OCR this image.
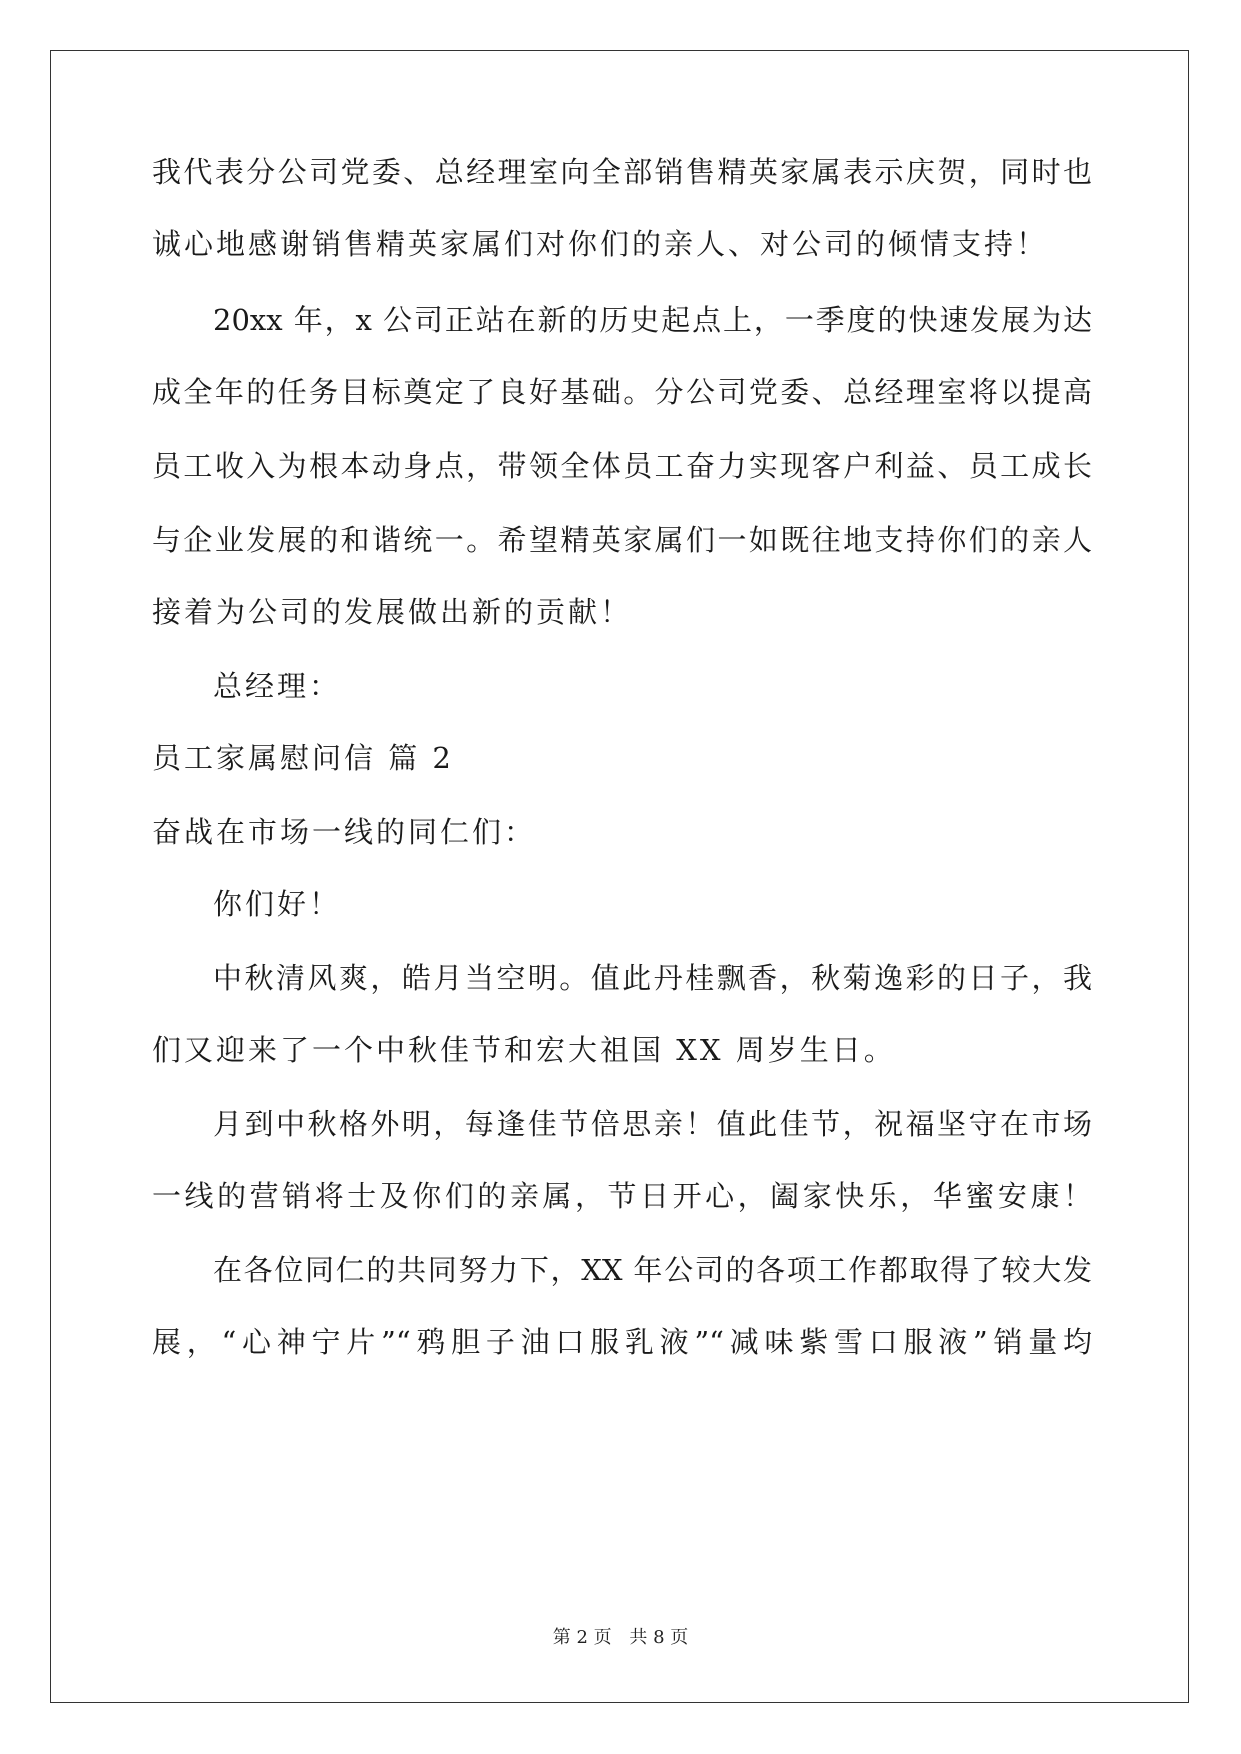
我代表分公司党委、总经理室向全部销售精英家属表示庆贺，同时也
诚心地感谢销售精英家属们对你们的亲人、对公司的倾情支持！
20xx 年，x 公司正站在新的历史起点上，一季度的快速发展为达
成全年的任务目标奠定了良好基础。分公司党委、总经理室将以提高
员工收入为根本动身点，带领全体员工奋力实现客户利益、员工成长
与企业发展的和谐统一。希望精英家属们一如既往地支持你们的亲人
接着为公司的发展做出新的贡献！
总经理：
员工家属慰问信 篇 2
奋战在市场一线的同仁们：
你们好！
中秋清风爽，皓月当空明。值此丹桂飘香，秋菊逸彩的日子，我
们又迎来了一个中秋佳节和宏大祖国 XX 周岁生日。
月到中秋格外明，每逢佳节倍思亲！值此佳节，祝福坚守在市场
一线的营销将士及你们的亲属，节日开心，阖家快乐，华蜜安康！
在各位同仁的共同努力下，XX 年公司的各项工作都取得了较大发
展，“心神宁片”“鸦胆子油口服乳液”“减味紫雪口服液”销量均
第 2 页 共 8 页
